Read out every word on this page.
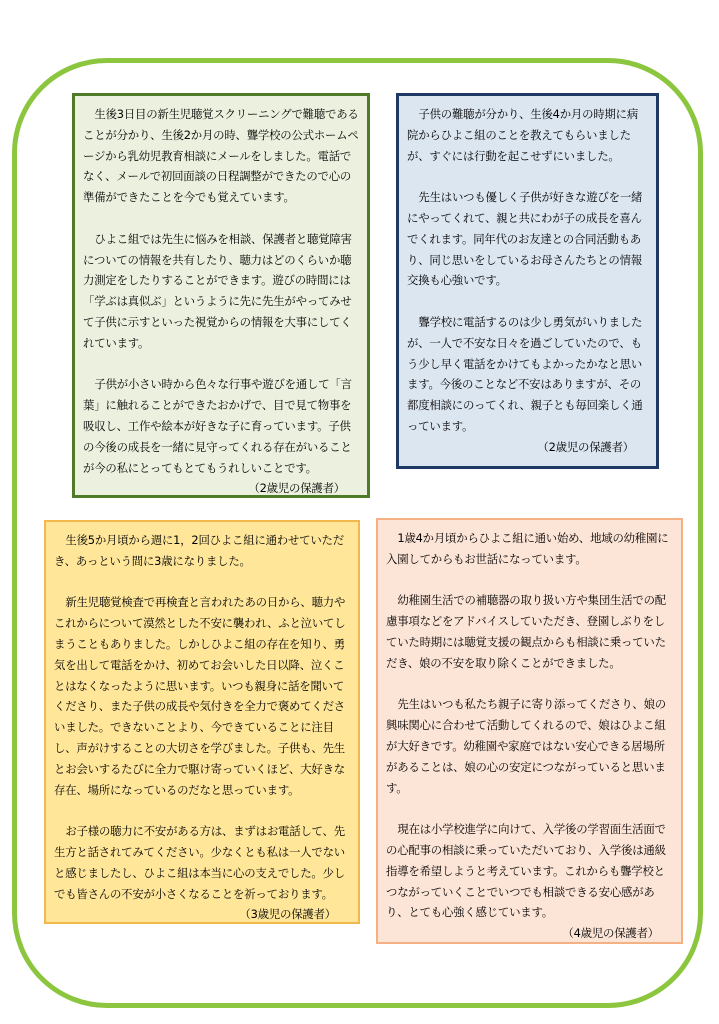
生後3日目の新生児聴覚スクリーニングで難聴であることが分かり、生後2か月の時、聾学校の公式ホームページから乳幼児教育相談にメールをしました。電話でなく、メールで初回面談の日程調整ができたので心の準備ができたことを今でも覚えています。

ひよこ組では先生に悩みを相談、保護者と聴覚障害についての情報を共有したり、聴力はどのくらいか聴力測定をしたりすることができます。遊びの時間には「学ぶは真似ぶ」というように先に先生がやってみせて子供に示すといった視覚からの情報を大事にしてくれています。

子供が小さい時から色々な行事や遊びを通して「言葉」に触れることができたおかげで、目で見て物事を吸収し、工作や絵本が好きな子に育っています。子供の今後の成長を一緒に見守ってくれる存在がいることが今の私にとってもとてもうれしいことです。

（2歳児の保護者）

子供の難聴が分かり、生後4か月の時期に病院からひよこ組のことを教えてもらいましたが、すぐには行動を起こせずにいました。

先生はいつも優しく子供が好きな遊びを一緒にやってくれて、親と共にわが子の成長を喜んでくれます。同年代のお友達との合同活動もあり、同じ思いをしているお母さんたちとの情報交換も心強いです。

聾学校に電話するのは少し勇気がいりましたが、一人で不安な日々を過ごしていたので、もう少し早く電話をかけてもよかったかなと思います。今後のことなど不安はありますが、その都度相談にのってくれ、親子とも毎回楽しく通っています。

（2歳児の保護者）

生後5か月頃から週に1，2回ひよこ組に通わせていただき、あっという間に3歳になりました。

新生児聴覚検査で再検査と言われたあの日から、聴力やこれからについて漠然とした不安に襲われ、ふと泣いてしまうこともありました。しかしひよこ組の存在を知り、勇気を出して電話をかけ、初めてお会いした日以降、泣くことはなくなったように思います。いつも親身に話を聞いてくださり、また子供の成長や気付きを全力で褒めてくださいました。できないことより、今できていることに注目し、声がけすることの大切さを学びました。子供も、先生とお会いするたびに全力で駆け寄っていくほど、大好きな存在、場所になっているのだなと思っています。

お子様の聴力に不安がある方は、まずはお電話して、先生方と話されてみてください。少なくとも私は一人でないと感じましたし、ひよこ組は本当に心の支えでした。少しでも皆さんの不安が小さくなることを祈っております。

（3歳児の保護者）

1歳4か月頃からひよこ組に通い始め、地域の幼稚園に入園してからもお世話になっています。

幼稚園生活での補聴器の取り扱い方や集団生活での配慮事項などをアドバイスしていただき、登園しぶりをしていた時期には聴覚支援の観点からも相談に乗っていただき、娘の不安を取り除くことができました。

先生はいつも私たち親子に寄り添ってくださり、娘の興味関心に合わせて活動してくれるので、娘はひよこ組が大好きです。幼稚園や家庭ではない安心できる居場所があることは、娘の心の安定につながっていると思います。

現在は小学校進学に向けて、入学後の学習面生活面での心配事の相談に乗っていただいており、入学後は通級指導を希望しようと考えています。これからも聾学校とつながっていくことでいつでも相談できる安心感があり、とても心強く感じています。

（4歳児の保護者）
